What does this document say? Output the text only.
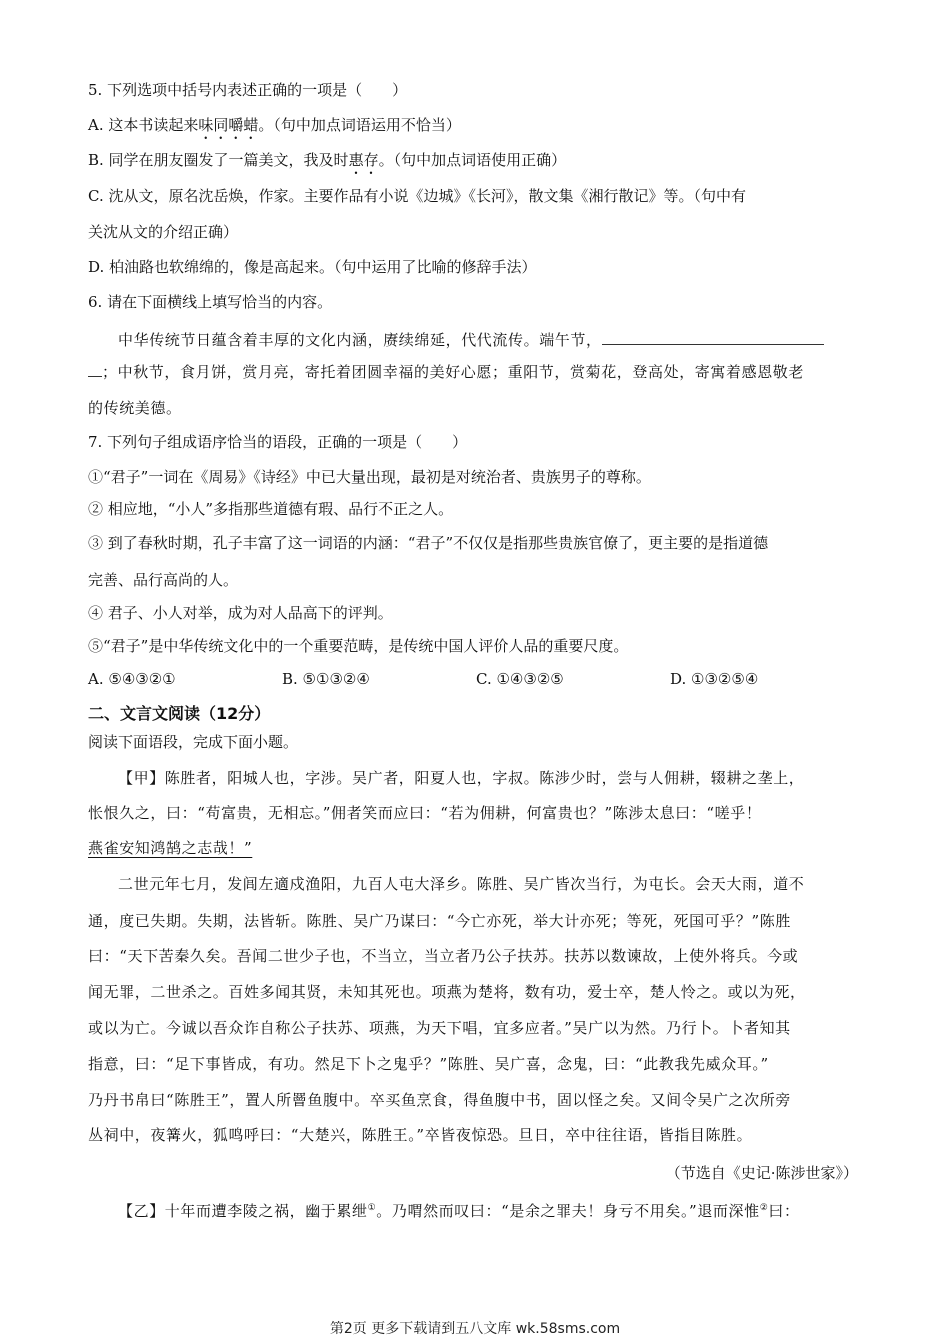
5. 下列选项中括号内表述正确的一项是（　　）
A. 这本书读起来味同嚼蜡。（句中加点词语运用不恰当）
B. 同学在朋友圈发了一篇美文，我及时惠存。（句中加点词语使用正确）
C. 沈从文，原名沈岳焕，作家。主要作品有小说《边城》《长河》，散文集《湘行散记》等。（句中有
关沈从文的介绍正确）
D. 柏油路也软绵绵的，像是高起来。（句中运用了比喻的修辞手法）
6. 请在下面横线上填写恰当的内容。
中华传统节日蕴含着丰厚的文化内涵，赓续绵延，代代流传。端午节，
；中秋节，食月饼，赏月亮，寄托着团圆幸福的美好心愿；重阳节，赏菊花，登高处，寄寓着感恩敬老
的传统美德。
7. 下列句子组成语序恰当的语段，正确的一项是（　　）
①“君子”一词在《周易》《诗经》中已大量出现，最初是对统治者、贵族男子的尊称。
② 相应地，“小人”多指那些道德有瑕、品行不正之人。
③ 到了春秋时期，孔子丰富了这一词语的内涵：“君子”不仅仅是指那些贵族官僚了，更主要的是指道德
完善、品行高尚的人。
④ 君子、小人对举，成为对人品高下的评判。
⑤“君子”是中华传统文化中的一个重要范畴，是传统中国人评价人品的重要尺度。
A. ⑤④③②①	B. ⑤①③②④	C. ①④③②⑤	D. ①③②⑤④
二、文言文阅读（12分）
阅读下面语段，完成下面小题。
【甲】陈胜者，阳城人也，字涉。吴广者，阳夏人也，字叔。陈涉少时，尝与人佣耕，辍耕之垄上，
怅恨久之，曰：“苟富贵，无相忘。”佣者笑而应曰：“若为佣耕，何富贵也？”陈涉太息曰：“嗟乎！
燕雀安知鸿鹄之志哉！”
二世元年七月，发闾左適戍渔阳，九百人屯大泽乡。陈胜、吴广皆次当行，为屯长。会天大雨，道不
通，度已失期。失期，法皆斩。陈胜、吴广乃谋曰：“今亡亦死，举大计亦死；等死，死国可乎？”陈胜
曰：“天下苦秦久矣。吾闻二世少子也，不当立，当立者乃公子扶苏。扶苏以数谏故，上使外将兵。今或
闻无罪，二世杀之。百姓多闻其贤，未知其死也。项燕为楚将，数有功，爱士卒，楚人怜之。或以为死，
或以为亡。今诚以吾众诈自称公子扶苏、项燕，为天下唱，宜多应者。”吴广以为然。乃行卜。卜者知其
指意，曰：“足下事皆成，有功。然足下卜之鬼乎？”陈胜、吴广喜，念鬼，曰：“此教我先威众耳。”
乃丹书帛曰“陈胜王”，置人所罾鱼腹中。卒买鱼烹食，得鱼腹中书，固以怪之矣。又间令吴广之次所旁
丛祠中，夜篝火，狐鸣呼曰：“大楚兴，陈胜王。”卒皆夜惊恐。旦日，卒中往往语，皆指目陈胜。
（节选自《史记·陈涉世家》）
【乙】十年而遭李陵之祸，幽于累绁①。乃喟然而叹曰：“是余之罪夫！身亏不用矣。”退而深惟②曰：
第2页 更多下载请到五八文库 wk.58sms.com
